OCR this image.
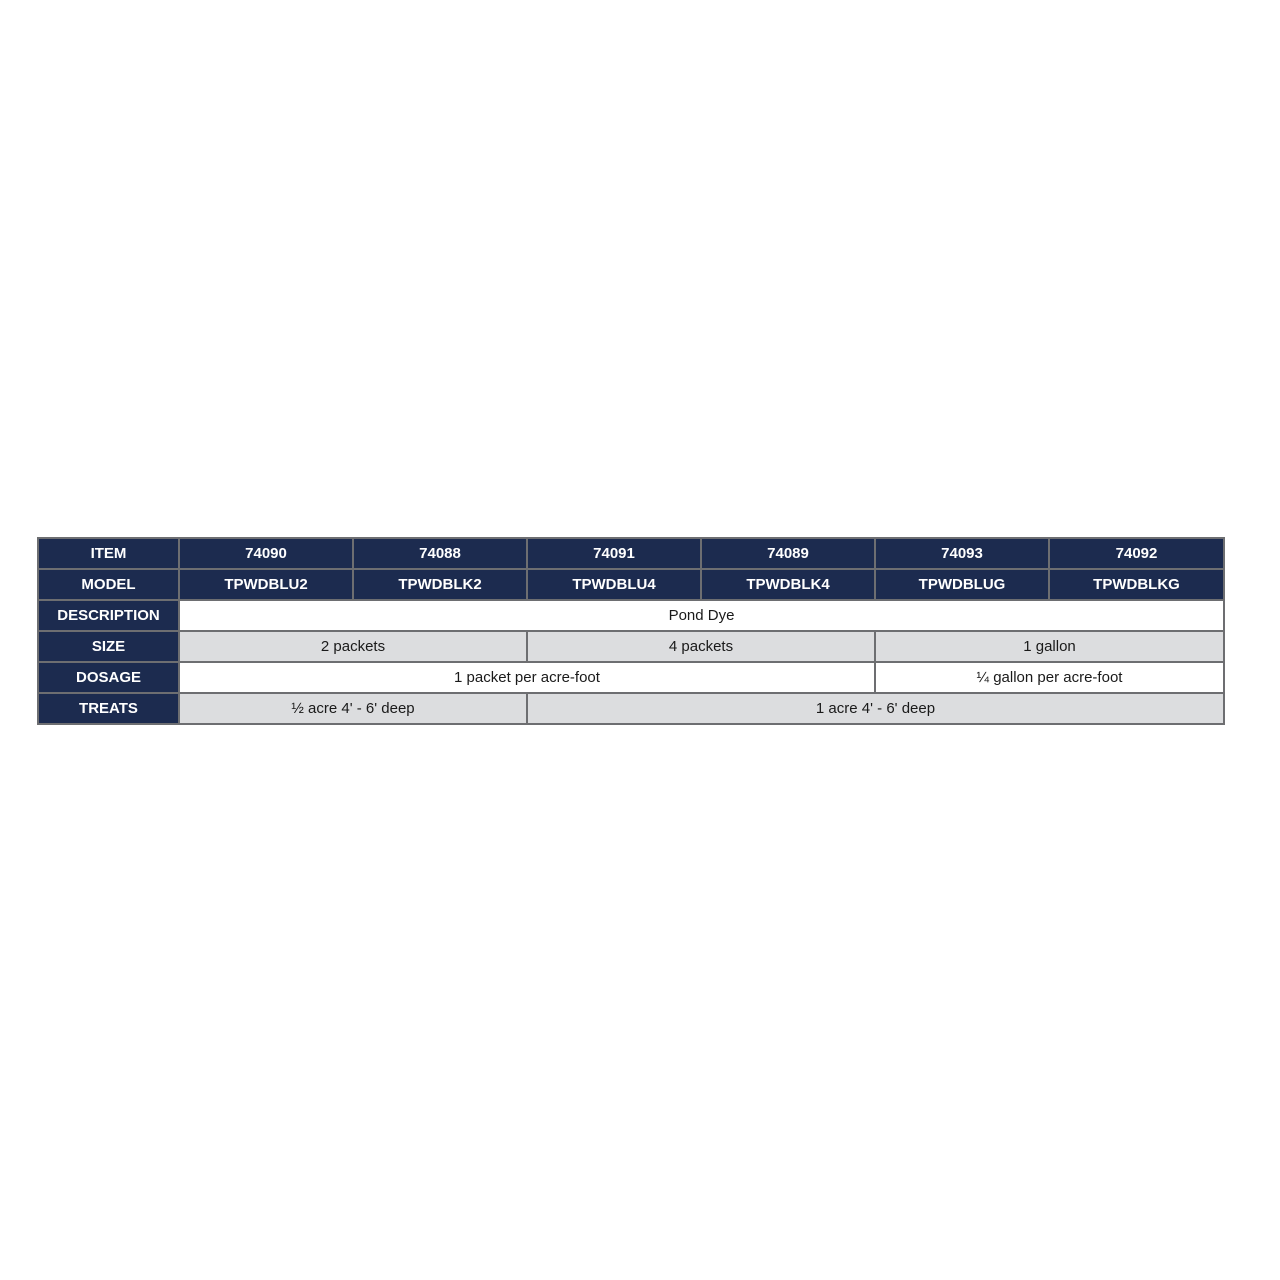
ITEM	74090	74088	74091	74089	74093	74092
MODEL	TPWDBLU2	TPWDBLK2	TPWDBLU4	TPWDBLK4	TPWDBLUG	TPWDBLKG
DESCRIPTION	Pond Dye					
SIZE	2 packets		4 packets		1 gallon	
DOSAGE	1 packet per acre-foot				¼ gallon per acre-foot	
TREATS	½ acre 4' - 6' deep		1 acre 4' - 6' deep			
